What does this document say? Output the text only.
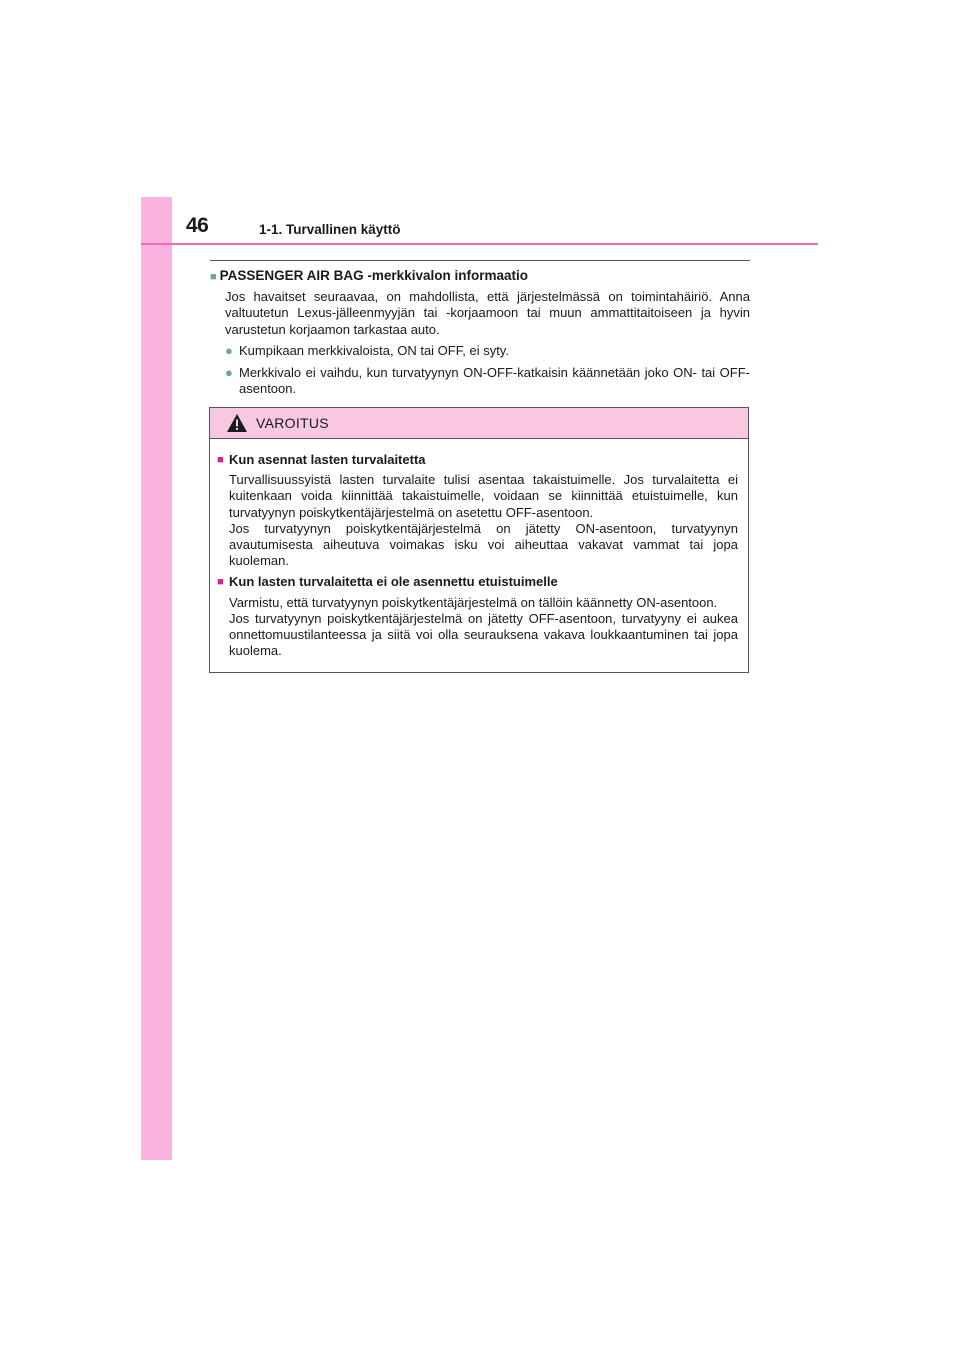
46	1-1. Turvallinen käyttö

■ PASSENGER AIR BAG -merkkivalon informaatio

Jos havaitset seuraavaa, on mahdollista, että järjestelmässä on toimintahäiriö. Anna valtuutetun Lexus-jälleenmyyjän tai -korjaamoon tai muun ammattitaitoiseen ja hyvin varustetun korjaamon tarkastaa auto.

● Kumpikaan merkkivaloista, ON tai OFF, ei syty.
● Merkkivalo ei vaihdu, kun turvatyynyn ON-OFF-katkaisin käännetään joko ON- tai OFF-asentoon.
VAROITUS

■ Kun asennat lasten turvalaitetta

Turvallisuussyistä lasten turvalaite tulisi asentaa takaistuimelle. Jos turvalaitetta ei kuitenkaan voida kiinnittää takaistuimelle, voidaan se kiinnittää etuistuimelle, kun turvatyynyn poiskytkentäjärjestelmä on asetettu OFF-asentoon.

Jos turvatyynyn poiskytkentäjärjestelmä on jätetty ON-asentoon, turvatyynyn avautumisesta aiheutuva voimakas isku voi aiheuttaa vakavat vammat tai jopa kuoleman.

■ Kun lasten turvalaitetta ei ole asennettu etuistuimelle

Varmistu, että turvatyynyn poiskytkentäjärjestelmä on tällöin käännetty ON-asentoon.

Jos turvatyynyn poiskytkentäjärjestelmä on jätetty OFF-asentoon, turvatyyny ei aukea onnettomuustilanteessa ja siitä voi olla seurauksena vakava loukkaantuminen tai jopa kuolema.
